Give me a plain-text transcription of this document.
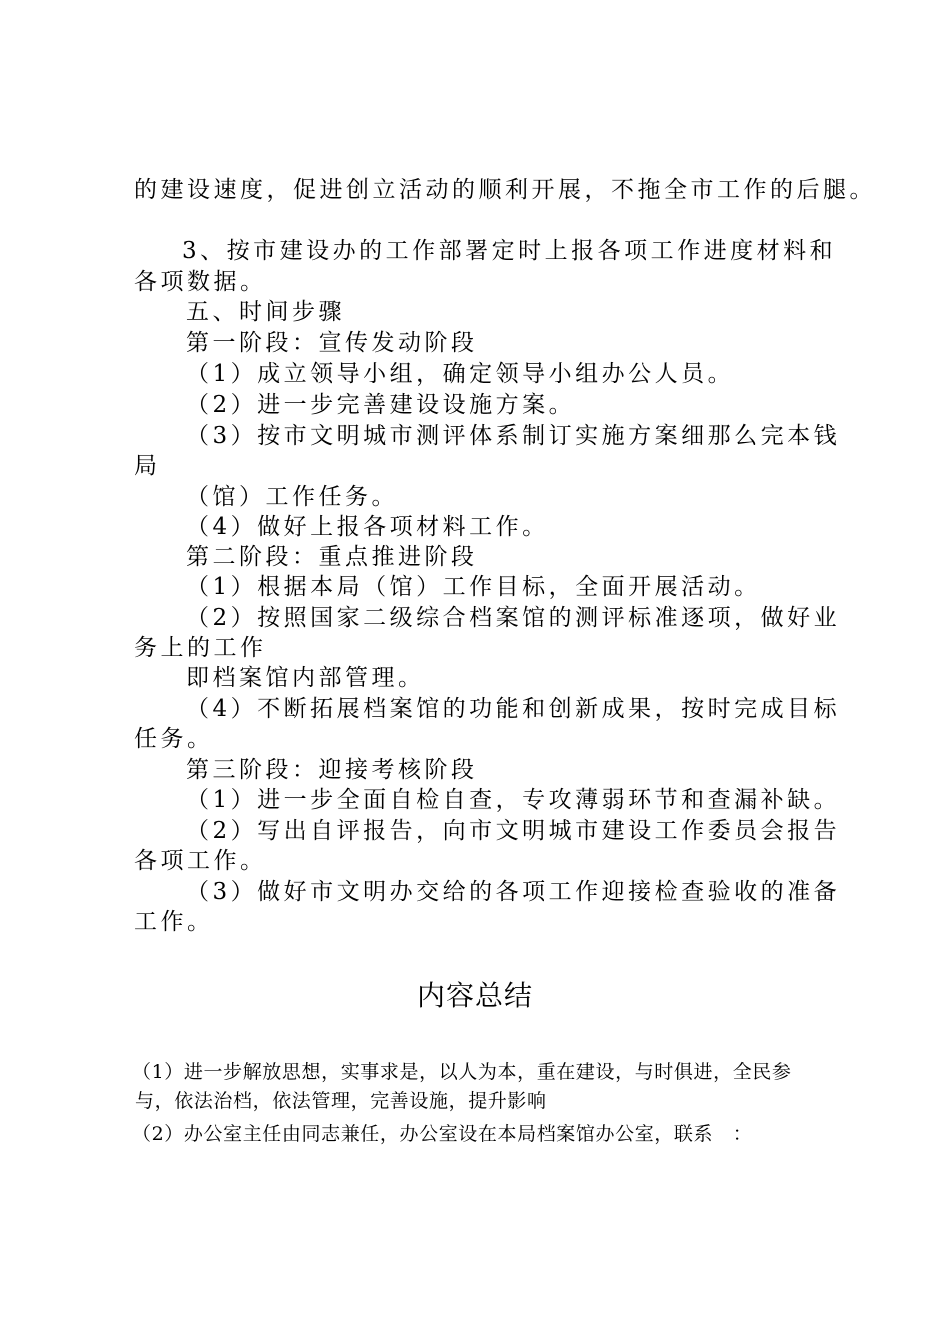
的建设速度，促进创立活动的顺利开展，不拖全市工作的后腿。
3、按市建设办的工作部署定时上报各项工作进度材料和
各项数据。
五、时间步骤
第一阶段：宣传发动阶段
（1）成立领导小组，确定领导小组办公人员。
（2）进一步完善建设设施方案。
（3）按市文明城市测评体系制订实施方案细那么完本钱
局
（馆）工作任务。
（4）做好上报各项材料工作。
第二阶段：重点推进阶段
（1）根据本局（馆）工作目标，全面开展活动。
（2）按照国家二级综合档案馆的测评标准逐项，做好业
务上的工作
即档案馆内部管理。
（4）不断拓展档案馆的功能和创新成果，按时完成目标
任务。
第三阶段：迎接考核阶段
（1）进一步全面自检自查，专攻薄弱环节和查漏补缺。
（2）写出自评报告，向市文明城市建设工作委员会报告
各项工作。
（3）做好市文明办交给的各项工作迎接检查验收的准备
工作。
内容总结
（1）进一步解放思想，实事求是，以人为本，重在建设，与时俱进，全民参
与，依法治档，依法管理，完善设施，提升影响
（2）办公室主任由同志兼任，办公室设在本局档案馆办公室，联系　：
